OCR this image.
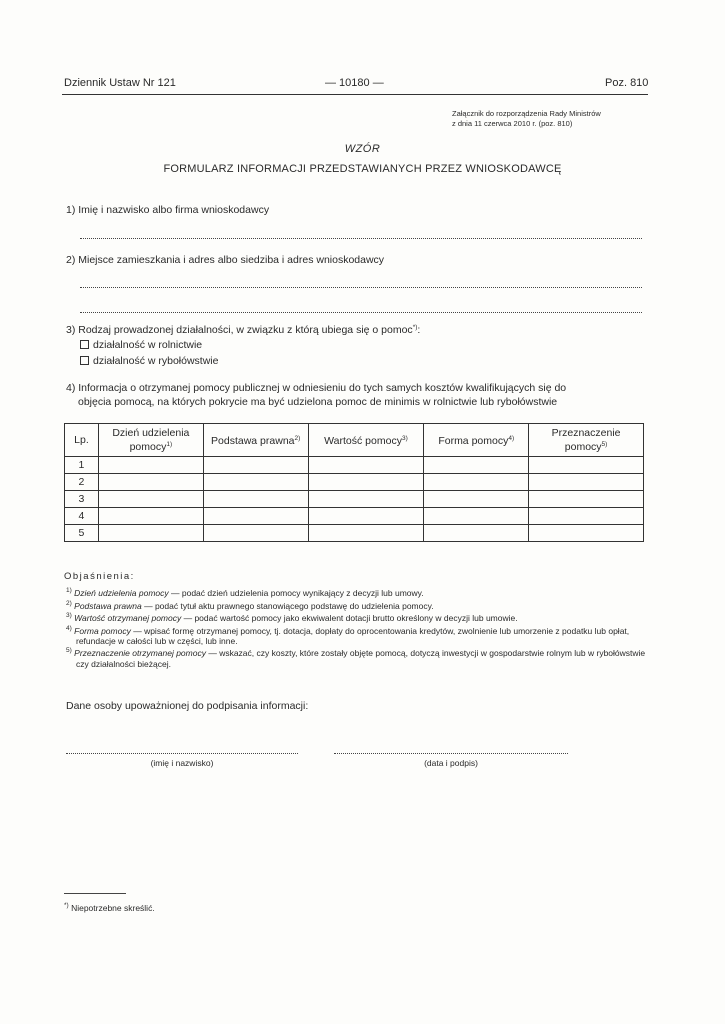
Dziennik Ustaw Nr 121	— 10180 —	Poz. 810
Załącznik do rozporządzenia Rady Ministrów
z dnia 11 czerwca 2010 r. (poz. 810)
WZÓR
FORMULARZ INFORMACJI PRZEDSTAWIANYCH PRZEZ WNIOSKODAWCĘ
1) Imię i nazwisko albo firma wnioskodawcy
2) Miejsce zamieszkania i adres albo siedziba i adres wnioskodawcy
3) Rodzaj prowadzonej działalności, w związku z którą ubiega się o pomoc*):
działalność w rolnictwie
działalność w rybołówstwie
4) Informacja o otrzymanej pomocy publicznej w odniesieniu do tych samych kosztów kwalifikujących się do
objęcia pomocą, na których pokrycie ma być udzielona pomoc de minimis w rolnictwie lub rybołówstwie
Lp.	Dzień udzielenia pomocy$^{1)}$	Podstawa prawna$^{2)}$	Wartość pomocy$^{3)}$	Forma pomocy$^{4)}$	Przeznaczenie pomocy$^{5)}$
1					
2					
3					
4					
5					
Objaśnienia:
$^{1)}$ Dzień udzielenia pomocy — podać dzień udzielenia pomocy wynikający z decyzji lub umowy.
$^{2)}$ Podstawa prawna — podać tytuł aktu prawnego stanowiącego podstawę do udzielenia pomocy.
$^{3)}$ Wartość otrzymanej pomocy — podać wartość pomocy jako ekwiwalent dotacji brutto określony w decyzji lub umowie.
$^{4)}$ Forma pomocy — wpisać formę otrzymanej pomocy, tj. dotacja, dopłaty do oprocentowania kredytów, zwolnienie lub umorzenie z podatku lub opłat, refundacje w całości lub w części, lub inne.
$^{5)}$ Przeznaczenie otrzymanej pomocy — wskazać, czy koszty, które zostały objęte pomocą, dotyczą inwestycji w gospodarstwie rolnym lub w rybołówstwie czy działalności bieżącej.
Dane osoby upoważnionej do podpisania informacji:
(imię i nazwisko)	(data i podpis)
*) Niepotrzebne skreślić.
